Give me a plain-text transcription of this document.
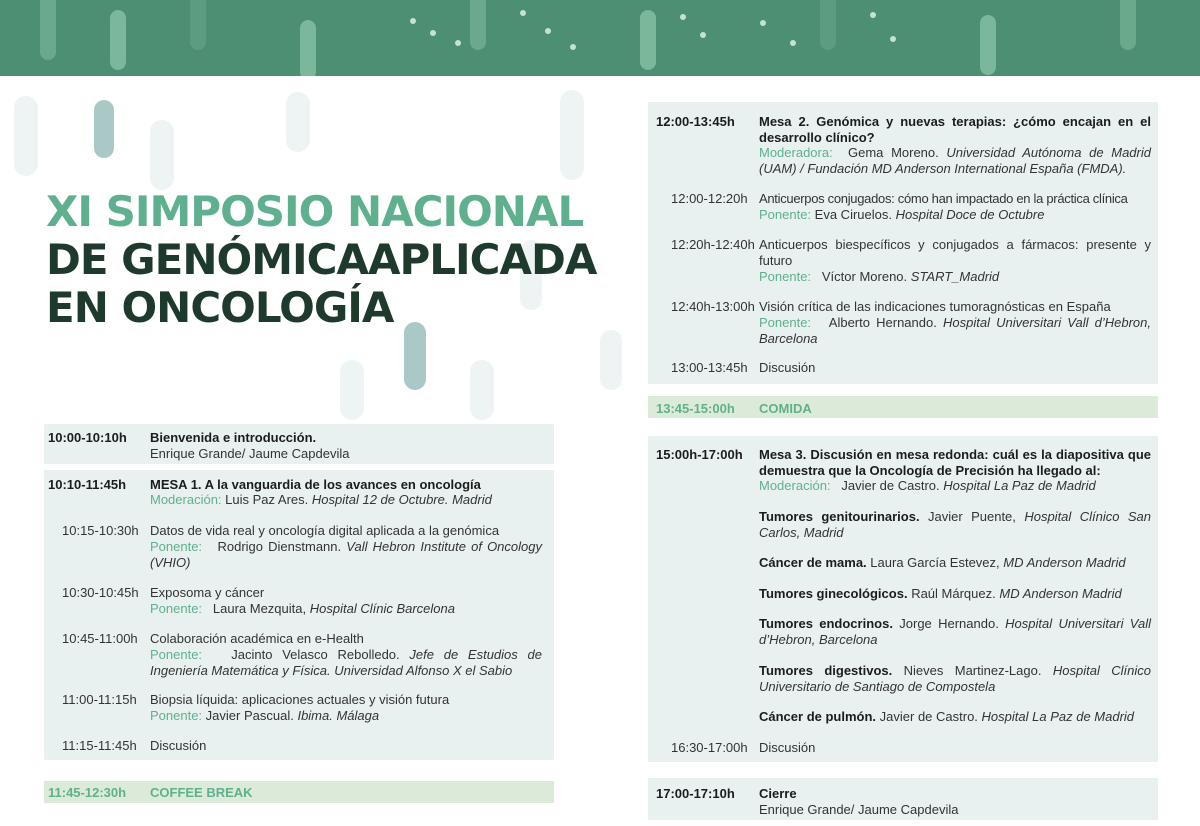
XI SIMPOSIO NACIONAL
DE GENÓMICAAPLICADA
EN ONCOLOGÍA
10:00-10:10h Bienvenida e introducción.
Enrique Grande/ Jaume Capdevila
10:10-11:45h MESA 1. A la vanguardia de los avances en oncología
Moderación: Luis Paz Ares. Hospital 12 de Octubre. Madrid
10:15-10:30h Datos de vida real y oncología digital aplicada a la genómica
Ponente: Rodrigo Dienstmann. Vall Hebron Institute of Oncology (VHIO)
10:30-10:45h Exposoma y cáncer
Ponente: Laura Mezquita, Hospital Clínic Barcelona
10:45-11:00h Colaboración académica en e-Health
Ponente: Jacinto Velasco Rebolledo. Jefe de Estudios de Ingeniería Matemática y Física. Universidad Alfonso X el Sabio
11:00-11:15h Biopsia líquida: aplicaciones actuales y visión futura
Ponente: Javier Pascual. Ibima. Málaga
11:15-11:45h Discusión
11:45-12:30h COFFEE BREAK
12:00-13:45h Mesa 2. Genómica y nuevas terapias: ¿cómo encajan en el desarrollo clínico?
Moderadora: Gema Moreno. Universidad Autónoma de Madrid (UAM) / Fundación MD Anderson International España (FMDA).
12:00-12:20h Anticuerpos conjugados: cómo han impactado en la práctica clínica
Ponente: Eva Ciruelos. Hospital Doce de Octubre
12:20h-12:40h Anticuerpos biespecíficos y conjugados a fármacos: presente y futuro
Ponente: Víctor Moreno. START_Madrid
12:40h-13:00h Visión crítica de las indicaciones tumoragnósticas en España
Ponente: Alberto Hernando. Hospital Universitari Vall d’Hebron, Barcelona
13:00-13:45h Discusión
13:45-15:00h COMIDA
15:00h-17:00h Mesa 3. Discusión en mesa redonda: cuál es la diapositiva que demuestra que la Oncología de Precisión ha llegado al:
Moderación: Javier de Castro. Hospital La Paz de Madrid
Tumores genitourinarios. Javier Puente, Hospital Clínico San Carlos, Madrid
Cáncer de mama. Laura García Estevez, MD Anderson Madrid
Tumores ginecológicos. Raúl Márquez. MD Anderson Madrid
Tumores endocrinos. Jorge Hernando. Hospital Universitari Vall d’Hebron, Barcelona
Tumores digestivos. Nieves Martinez-Lago. Hospital Clínico Universitario de Santiago de Compostela
Cáncer de pulmón. Javier de Castro. Hospital La Paz de Madrid
16:30-17:00h Discusión
17:00-17:10h Cierre
Enrique Grande/ Jaume Capdevila
